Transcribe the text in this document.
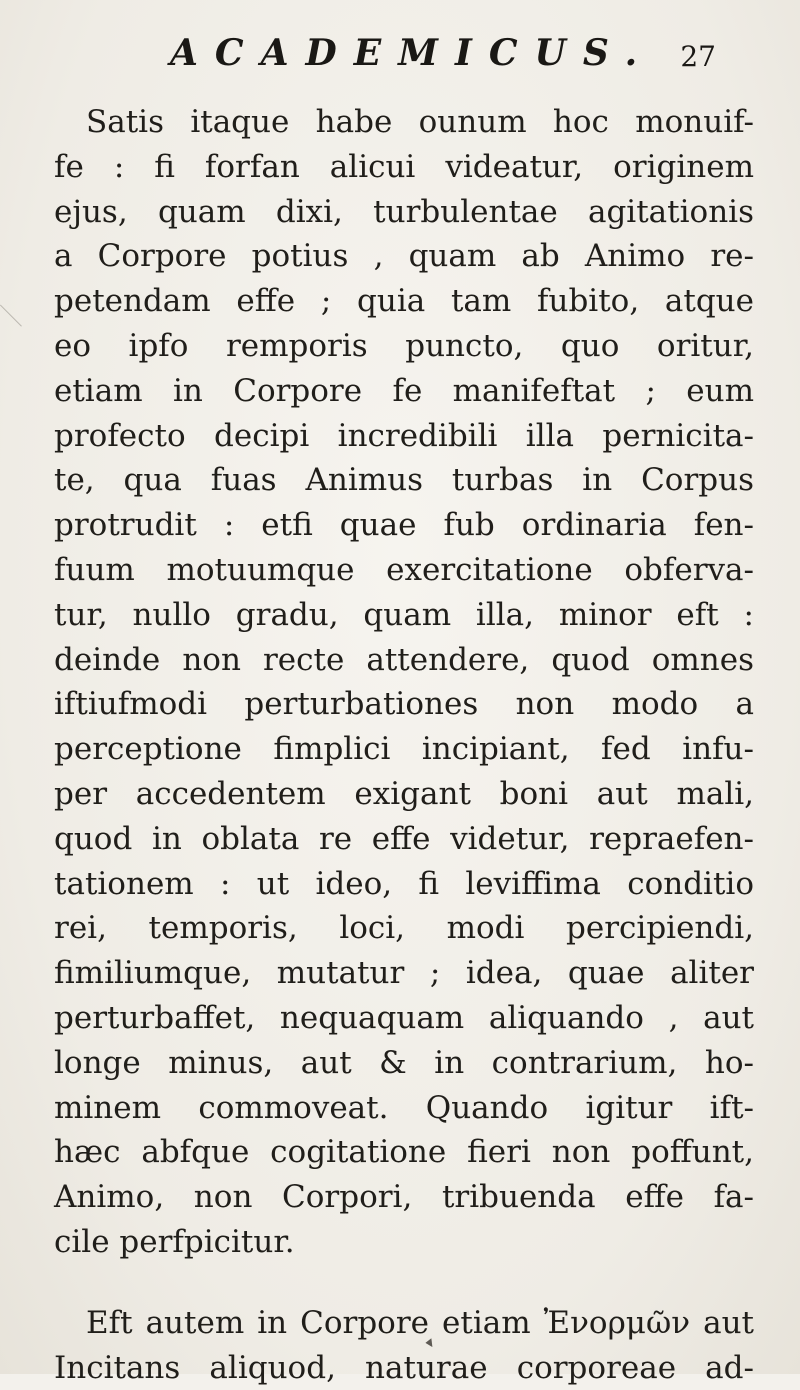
ACADEMICUS. 27
Satis itaque habe ounum hoc monuif-
fe : fi forfan alicui videatur, originem
ejus, quam dixi, turbulentae agitationis
a Corpore potius , quam ab Animo re-
petendam effe ; quia tam fubito, atque
eo ipfo remporis puncto, quo oritur,
etiam in Corpore fe manifeftat ; eum
profecto decipi incredibili illa pernicita-
te, qua fuas Animus turbas in Corpus
protrudit : etfi quae fub ordinaria fen-
fuum motuumque exercitatione obferva-
tur, nullo gradu, quam illa, minor eft :
deinde non recte attendere, quod omnes
iftiufmodi perturbationes non modo a
perceptione fimplici incipiant, fed infu-
per accedentem exigant boni aut mali,
quod in oblata re effe videtur, repraefen-
tationem : ut ideo, fi leviffima conditio
rei, temporis, loci, modi percipiendi,
fimiliumque, mutatur ; idea, quae aliter
perturbaffet, nequaquam aliquando , aut
longe minus, aut & in contrarium, ho-
minem commoveat. Quando igitur ift-
hæc abfque cogitatione fieri non poffunt,
Animo, non Corpori, tribuenda effe fa-
cile perfpicitur.
Eft autem in Corpore etiam Ἐνορμῶν aut
Incitans aliquod, naturae corporeae ad-
